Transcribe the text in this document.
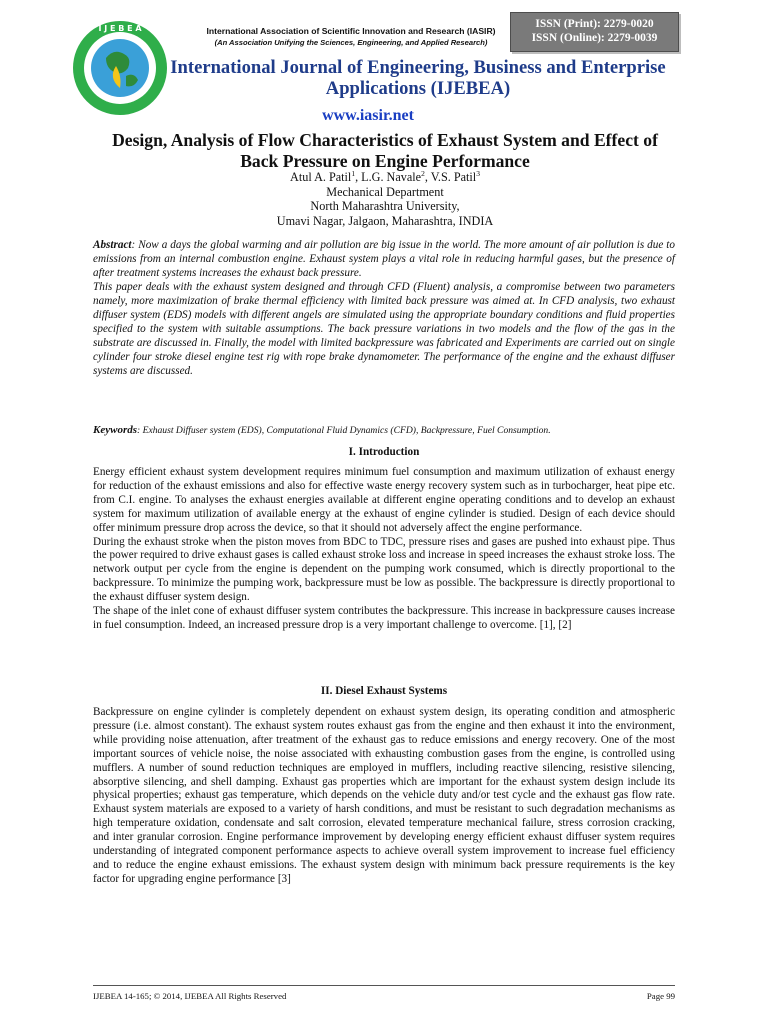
I J E B E A	International Association of Scientific Innovation and Research (IASIR)
(An Association Unifying the Sciences, Engineering, and Applied Research)
ISSN (Print): 2279-0020
ISSN (Online): 2279-0039
International Journal of Engineering, Business and Enterprise Applications (IJEBEA)
www.iasir.net
Design, Analysis of Flow Characteristics of Exhaust System and Effect of Back Pressure on Engine Performance
Atul A. Patil$^1$, L.G. Navale$^2$, V.S. Patil$^3$
Mechanical Department
North Maharashtra University,
Umavi Nagar, Jalgaon, Maharashtra, INDIA

Abstract: Now a days the global warming and air pollution are big issue in the world. The more amount of air pollution is due to emissions from an internal combustion engine. Exhaust system plays a vital role in reducing harmful gases, but the presence of after treatment systems increases the exhaust back pressure.

This paper deals with the exhaust system designed and through CFD (Fluent) analysis, a compromise between two parameters namely, more maximization of brake thermal efficiency with limited back pressure was aimed at. In CFD analysis, two exhaust diffuser system (EDS) models with different angels are simulated using the appropriate boundary conditions and fluid properties specified to the system with suitable assumptions. The back pressure variations in two models and the flow of the gas in the substrate are discussed in. Finally, the model with limited backpressure was fabricated and Experiments are carried out on single cylinder four stroke diesel engine test rig with rope brake dynamometer. The performance of the engine and the exhaust diffuser systems are discussed.

Keywords: Exhaust Diffuser system (EDS), Computational Fluid Dynamics (CFD), Backpressure, Fuel Consumption.
I. Introduction

Energy efficient exhaust system development requires minimum fuel consumption and maximum utilization of exhaust energy for reduction of the exhaust emissions and also for effective waste energy recovery system such as in turbocharger, heat pipe etc. from C.I. engine. To analyses the exhaust energies available at different engine operating conditions and to develop an exhaust system for maximum utilization of available energy at the exhaust of engine cylinder is studied. Design of each device should offer minimum pressure drop across the device, so that it should not adversely affect the engine performance.

During the exhaust stroke when the piston moves from BDC to TDC, pressure rises and gases are pushed into exhaust pipe. Thus the power required to drive exhaust gases is called exhaust stroke loss and increase in speed increases the exhaust stroke loss. The network output per cycle from the engine is dependent on the pumping work consumed, which is directly proportional to the backpressure. To minimize the pumping work, backpressure must be low as possible. The backpressure is directly proportional to the exhaust diffuser system design.

The shape of the inlet cone of exhaust diffuser system contributes the backpressure. This increase in backpressure causes increase in fuel consumption. Indeed, an increased pressure drop is a very important challenge to overcome. [1], [2]

II. Diesel Exhaust Systems

Backpressure on engine cylinder is completely dependent on exhaust system design, its operating condition and atmospheric pressure (i.e. almost constant). The exhaust system routes exhaust gas from the engine and then exhaust it into the environment, while providing noise attenuation, after treatment of the exhaust gas to reduce emissions and energy recovery. One of the most important sources of vehicle noise, the noise associated with exhausting combustion gases from the engine, is controlled using mufflers. A number of sound reduction techniques are employed in mufflers, including reactive silencing, resistive silencing, absorptive silencing, and shell damping. Exhaust gas properties which are important for the exhaust system design include its physical properties; exhaust gas temperature, which depends on the vehicle duty and/or test cycle and the exhaust gas flow rate. Exhaust system materials are exposed to a variety of harsh conditions, and must be resistant to such degradation mechanisms as high temperature oxidation, condensate and salt corrosion, elevated temperature mechanical failure, stress corrosion cracking, and inter granular corrosion. Engine performance improvement by developing energy efficient exhaust diffuser system requires understanding of integrated component performance aspects to achieve overall system improvement to increase fuel efficiency and to reduce the engine exhaust emissions. The exhaust system design with minimum back pressure requirements is the key factor for upgrading engine performance [3]

IJEBEA 14-165; © 2014, IJEBEA All Rights Reserved	Page 99
